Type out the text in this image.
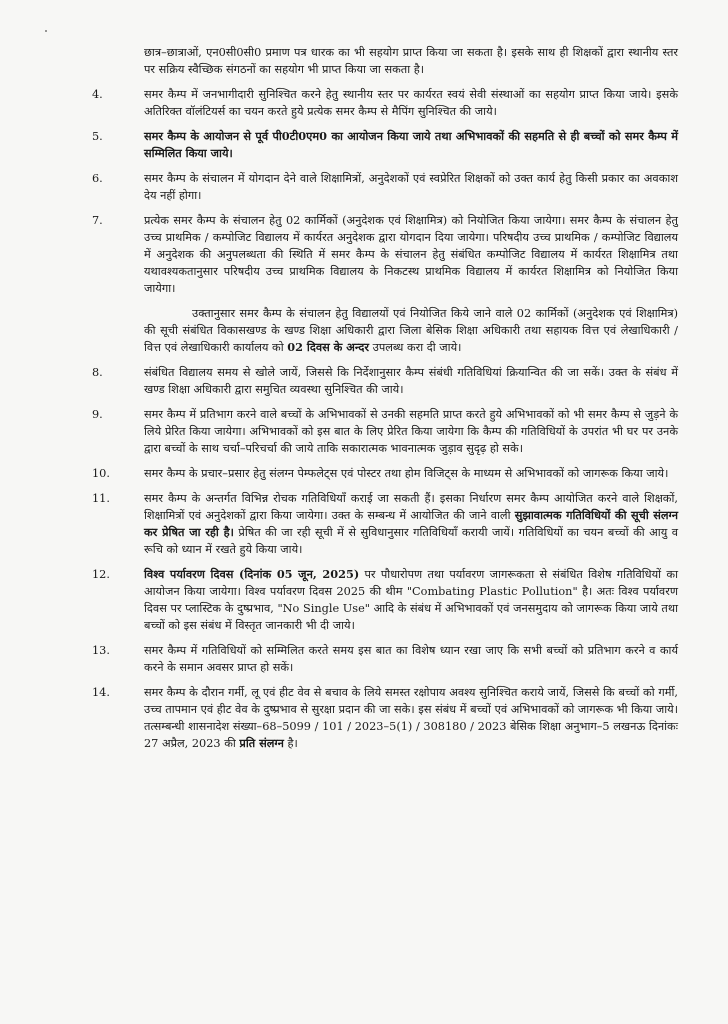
छात्र–छात्राओं, एन0सी0सी0 प्रमाण पत्र धारक का भी सहयोग प्राप्त किया जा सकता है। इसके साथ ही शिक्षकों द्वारा स्थानीय स्तर पर सक्रिय स्वैच्छिक संगठनों का सहयोग भी प्राप्त किया जा सकता है।
4.	समर कैम्प में जनभागीदारी सुनिश्चित करने हेतु स्थानीय स्तर पर कार्यरत स्वयं सेवी संस्थाओं का सहयोग प्राप्त किया जाये। इसके अतिरिक्त वॉलंटियर्स का चयन करते हुये प्रत्येक समर कैम्प से मैपिंग सुनिश्चित की जाये।
5.	समर कैम्प के आयोजन से पूर्व पी0टी0एम0 का आयोजन किया जाये तथा अभिभावकों की सहमति से ही बच्चों को समर कैम्प में सम्मिलित किया जाये।
6.	समर कैम्प के संचालन में योगदान देने वाले शिक्षामित्रों, अनुदेशकों एवं स्वप्रेरित शिक्षकों को उक्त कार्य हेतु किसी प्रकार का अवकाश देय नहीं होगा।
7.	प्रत्येक समर कैम्प के संचालन हेतु 02 कार्मिकों (अनुदेशक एवं शिक्षामित्र) को नियोजित किया जायेगा। समर कैम्प के संचालन हेतु उच्च प्राथमिक / कम्पोजिट विद्यालय में कार्यरत अनुदेशक द्वारा योगदान दिया जायेगा। परिषदीय उच्च प्राथमिक / कम्पोजिट विद्यालय में अनुदेशक की अनुपलब्धता की स्थिति में समर कैम्प के संचालन हेतु संबंधित कम्पोजिट विद्यालय में कार्यरत शिक्षामित्र तथा यथावश्यकतानुसार परिषदीय उच्च प्राथमिक विद्यालय के निकटस्थ प्राथमिक विद्यालय में कार्यरत शिक्षामित्र को नियोजित किया जायेगा।
उक्तानुसार समर कैम्प के संचालन हेतु विद्यालयों एवं नियोजित किये जाने वाले 02 कार्मिकों (अनुदेशक एवं शिक्षामित्र) की सूची संबंधित विकासखण्ड के खण्ड शिक्षा अधिकारी द्वारा जिला बेसिक शिक्षा अधिकारी तथा सहायक वित्त एवं लेखाधिकारी / वित्त एवं लेखाधिकारी कार्यालय को 02 दिवस के अन्दर उपलब्ध करा दी जाये।
8.	संबंधित विद्यालय समय से खोले जायें, जिससे कि निर्देशानुसार कैम्प संबंधी गतिविधियां क्रियान्वित की जा सकें। उक्त के संबंध में खण्ड शिक्षा अधिकारी द्वारा समुचित व्यवस्था सुनिश्चित की जाये।
9.	समर कैम्प में प्रतिभाग करने वाले बच्चों के अभिभावकों से उनकी सहमति प्राप्त करते हुये अभिभावकों को भी समर कैम्प से जुड़ने के लिये प्रेरित किया जायेगा। अभिभावकों को इस बात के लिए प्रेरित किया जायेगा कि कैम्प की गतिविधियों के उपरांत भी घर पर उनके द्वारा बच्चों के साथ चर्चा–परिचर्चा की जाये ताकि सकारात्मक भावनात्मक जुड़ाव सुदृढ़ हो सके।
10.	समर कैम्प के प्रचार–प्रसार हेतु संलग्न पेम्फलेट्स एवं पोस्टर तथा होम विजिट्स के माध्यम से अभिभावकों को जागरूक किया जाये।
11.	समर कैम्प के अन्तर्गत विभिन्न रोचक गतिविधियाँ कराई जा सकती हैं। इसका निर्धारण समर कैम्प आयोजित करने वाले शिक्षकों, शिक्षामित्रों एवं अनुदेशकों द्वारा किया जायेगा। उक्त के सम्बन्ध में आयोजित की जाने वाली सुझावात्मक गतिविधियों की सूची संलग्न कर प्रेषित जा रही है। प्रेषित की जा रही सूची में से सुविधानुसार गतिविधियाँ करायी जायें। गतिविधियों का चयन बच्चों की आयु व रूचि को ध्यान में रखते हुये किया जाये।
12.	विश्व पर्यावरण दिवस (दिनांक 05 जून, 2025) पर पौधारोपण तथा पर्यावरण जागरूकता से संबंधित विशेष गतिविधियों का आयोजन किया जायेगा। विश्व पर्यावरण दिवस 2025 की थीम "Combating Plastic Pollution" है। अतः विश्व पर्यावरण दिवस पर प्लास्टिक के दुष्प्रभाव, "No Single Use" आदि के संबंध में अभिभावकों एवं जनसमुदाय को जागरूक किया जाये तथा बच्चों को इस संबंध में विस्तृत जानकारी भी दी जाये।
13.	समर कैम्प में गतिविधियों को सम्मिलित करते समय इस बात का विशेष ध्यान रखा जाए कि सभी बच्चों को प्रतिभाग करने व कार्य करने के समान अवसर प्राप्त हो सकें।
14.	समर कैम्प के दौरान गर्मी, लू एवं हीट वेव से बचाव के लिये समस्त रक्षोपाय अवश्य सुनिश्चित कराये जायें, जिससे कि बच्चों को गर्मी, उच्च तापमान एवं हीट वेव के दुष्प्रभाव से सुरक्षा प्रदान की जा सके। इस संबंध में बच्चों एवं अभिभावकों को जागरूक भी किया जाये। तत्सम्बन्धी शासनादेश संख्या–68–5099 / 101 / 2023–5(1) / 308180 / 2023 बेसिक शिक्षा अनुभाग–5 लखनऊ दिनांकः 27 अप्रैल, 2023 की प्रति संलग्न है।
